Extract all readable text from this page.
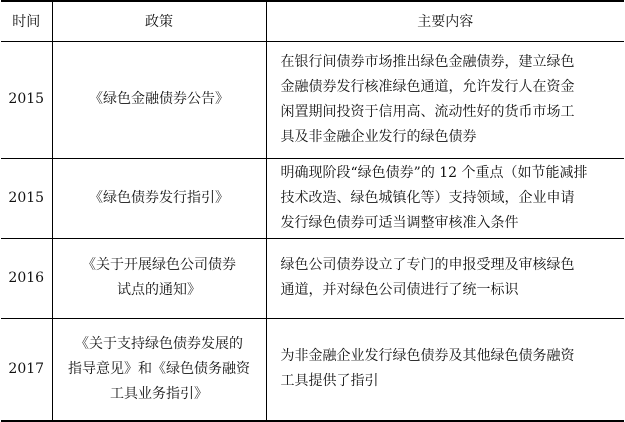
时间	政策	主要内容
2015	《绿色金融债券公告》	在银行间债券市场推出绿色金融债券，建立绿色
金融债券发行核准绿色通道，允许发行人在资金
闲置期间投资于信用高、流动性好的货币市场工
具及非金融企业发行的绿色债券

2015	《绿色债券发行指引》	明确现阶段“绿色债券”的 12 个重点（如节能减排
技术改造、绿色城镇化等）支持领域，企业申请
发行绿色债券可适当调整审核准入条件

2016	《关于开展绿色公司债券
试点的通知》	绿色公司债券设立了专门的申报受理及审核绿色
通道，并对绿色公司债进行了统一标识

2017	《关于支持绿色债券发展的
指导意见》和《绿色债务融资
工具业务指引》	为非金融企业发行绿色债券及其他绿色债务融资
工具提供了指引
